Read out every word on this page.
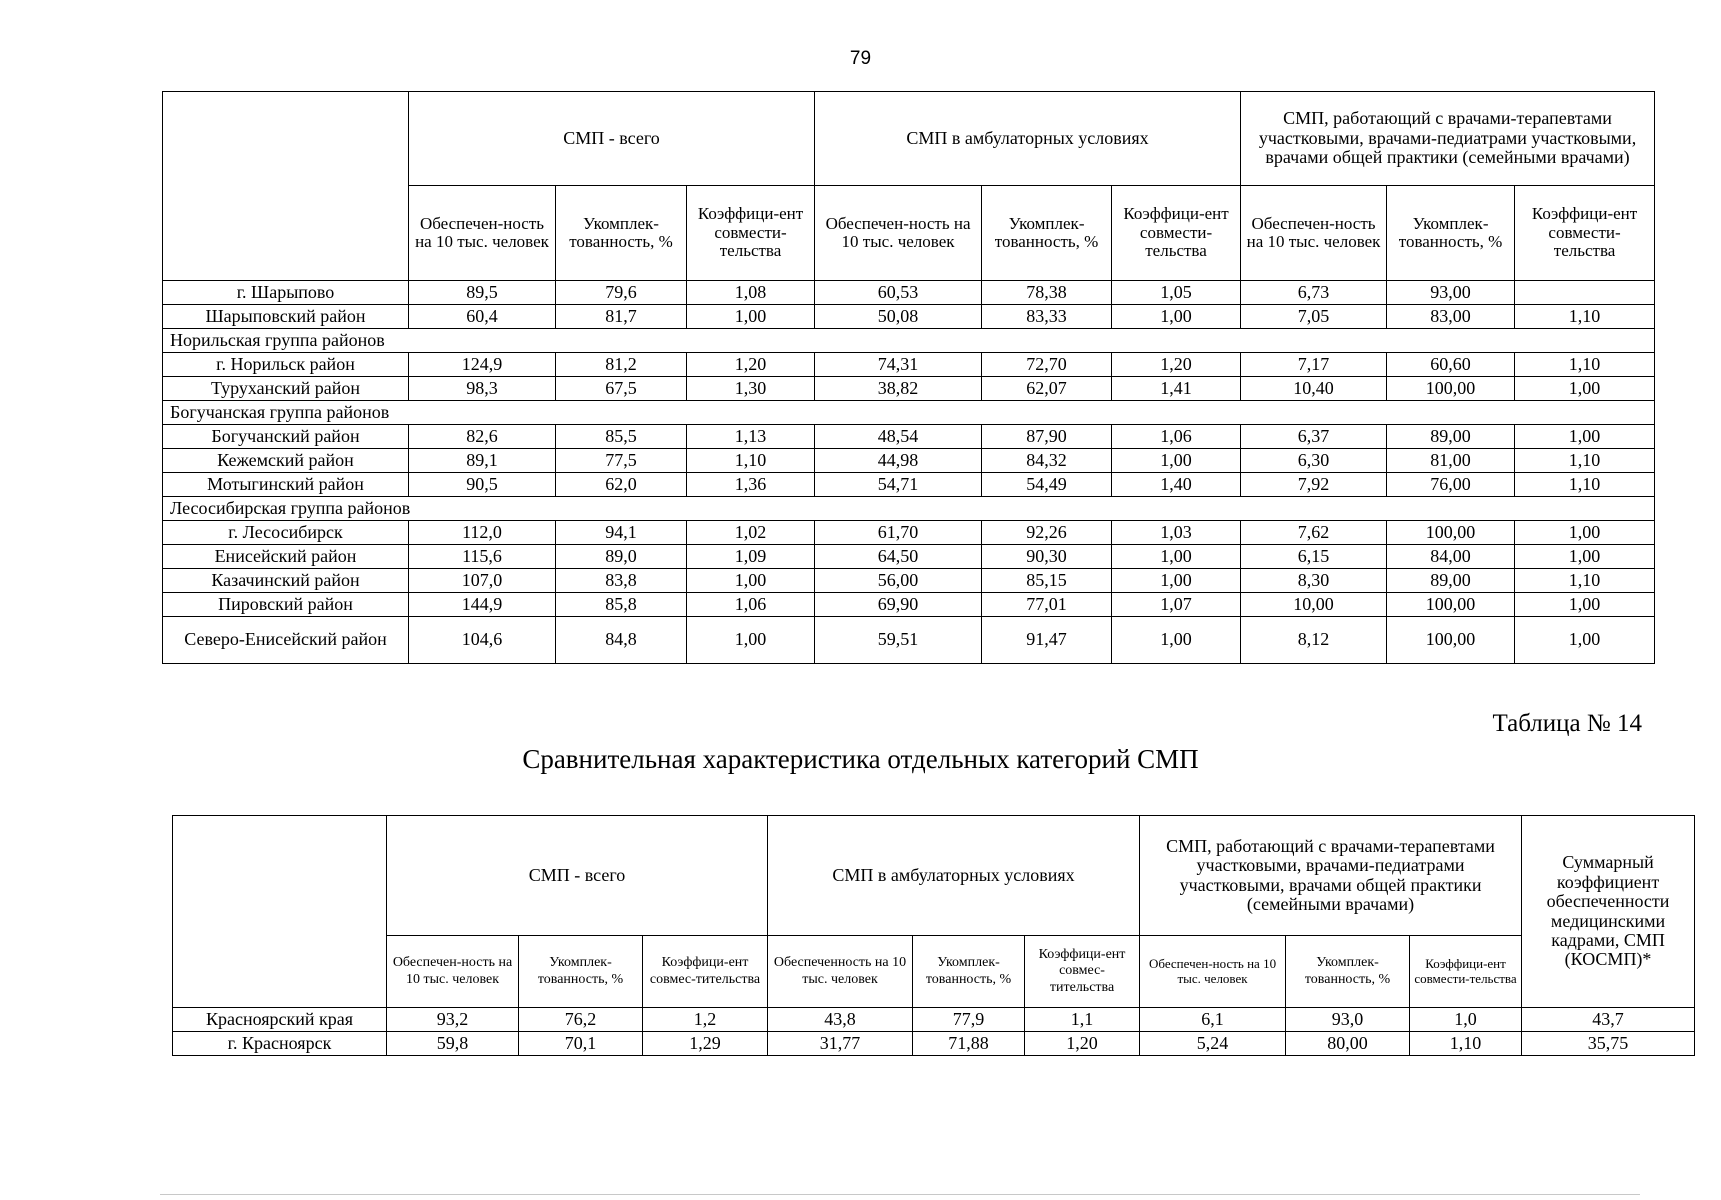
79
	СМП - всего			СМП в амбулаторных условиях			СМП, работающий с врачами-терапевтами участковыми, врачами-педиатрами участковыми, врачами общей практики (семейными врачами)		
	Обеспечен-ность на 10 тыс. человек	Укомплек-тованность, %	Коэффици-ент совмести-тельства	Обеспечен-ность на 10 тыс. человек	Укомплек-тованность, %	Коэффици-ент совмести-тельства	Обеспечен-ность на 10 тыс. человек	Укомплек-тованность, %	Коэффици-ент совмести-тельства
г. Шарыпово	89,5	79,6	1,08	60,53	78,38	1,05	6,73	93,00	
Шарыповский район	60,4	81,7	1,00	50,08	83,33	1,00	7,05	83,00	1,10
Норильская группа районов									
г. Норильск район	124,9	81,2	1,20	74,31	72,70	1,20	7,17	60,60	1,10
Туруханский район	98,3	67,5	1,30	38,82	62,07	1,41	10,40	100,00	1,00
Богучанская группа районов									
Богучанский район	82,6	85,5	1,13	48,54	87,90	1,06	6,37	89,00	1,00
Кежемский район	89,1	77,5	1,10	44,98	84,32	1,00	6,30	81,00	1,10
Мотыгинский район	90,5	62,0	1,36	54,71	54,49	1,40	7,92	76,00	1,10
Лесосибирская группа районов									
г. Лесосибирск	112,0	94,1	1,02	61,70	92,26	1,03	7,62	100,00	1,00
Енисейский район	115,6	89,0	1,09	64,50	90,30	1,00	6,15	84,00	1,00
Казачинский район	107,0	83,8	1,00	56,00	85,15	1,00	8,30	89,00	1,10
Пировский район	144,9	85,8	1,06	69,90	77,01	1,07	10,00	100,00	1,00
Северо-Енисейский район	104,6	84,8	1,00	59,51	91,47	1,00	8,12	100,00	1,00
Таблица № 14
Сравнительная характеристика отдельных категорий СМП
	СМП - всего			СМП в амбулаторных условиях			СМП, работающий с врачами-терапевтами участковыми, врачами-педиатрами участковыми, врачами общей практики (семейными врачами)			Суммарный коэффициент обеспеченности медицинскими кадрами, СМП (КОСМП)*
	Обеспечен-ность на 10 тыс. человек	Укомплек-тованность, %	Коэффици-ент совмес-тительства	Обеспеченность на 10 тыс. человек	Укомплек-тованность, %	Коэффици-ент совмес-тительства	Обеспечен-ность на 10 тыс. человек	Укомплек-тованность, %	Коэффици-ент совмести-тельства	
Красноярский края	93,2	76,2	1,2	43,8	77,9	1,1	6,1	93,0	1,0	43,7
г. Красноярск	59,8	70,1	1,29	31,77	71,88	1,20	5,24	80,00	1,10	35,75
